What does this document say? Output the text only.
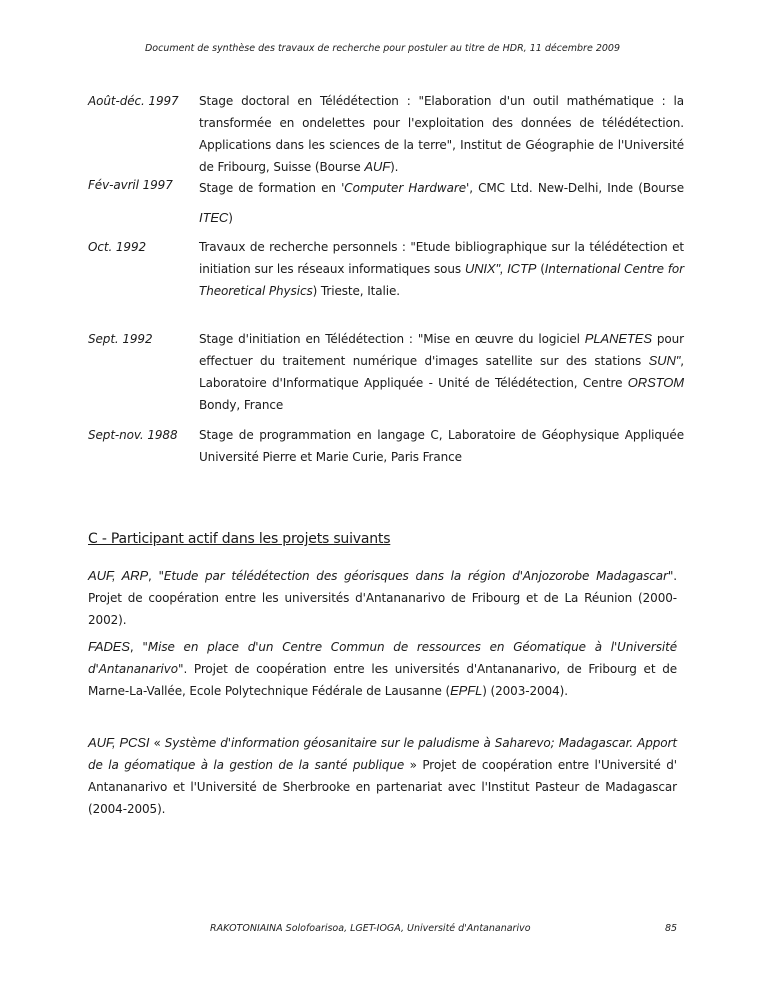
Document de synthèse des travaux de recherche pour postuler au titre de HDR, 11 décembre 2009
Août-déc. 1997	Stage doctoral en Télédétection : "Elaboration d'un outil mathématique : la transformée en ondelettes pour l'exploitation des données de télédétection. Applications dans les sciences de la terre", Institut de Géographie de l'Université de Fribourg, Suisse (Bourse AUF).
Fév-avril 1997	Stage de formation en 'Computer Hardware', CMC Ltd. New-Delhi, Inde (Bourse ITEC)
Oct. 1992	Travaux de recherche personnels : "Etude bibliographique sur la télédétection et initiation sur les réseaux informatiques sous UNIX", ICTP (International Centre for Theoretical Physics) Trieste, Italie.
Sept. 1992	Stage d'initiation en Télédétection : "Mise en œuvre du logiciel PLANETES pour effectuer du traitement numérique d'images satellite sur des stations SUN", Laboratoire d'Informatique Appliquée - Unité de Télédétection, Centre ORSTOM Bondy, France
Sept-nov. 1988	Stage de programmation en langage C, Laboratoire de Géophysique Appliquée Université Pierre et Marie Curie, Paris France
C - Participant actif dans les projets suivants
AUF, ARP, "Etude par télédétection des géorisques dans la région d'Anjozorobe Madagascar". Projet de coopération entre les universités d'Antananarivo de Fribourg et de La Réunion (2000-2002).
FADES, "Mise en place d'un Centre Commun de ressources en Géomatique à l'Université d'Antananarivo". Projet de coopération entre les universités d'Antananarivo, de Fribourg et de Marne-La-Vallée, Ecole Polytechnique Fédérale de Lausanne (EPFL) (2003-2004).
AUF, PCSI « Système d'information géosanitaire sur le paludisme à Saharevo; Madagascar. Apport de la géomatique à la gestion de la santé publique » Projet de coopération entre l'Université d' Antananarivo et l'Université de Sherbrooke en partenariat avec l'Institut Pasteur de Madagascar (2004-2005).
RAKOTONIAINA Solofoarisoa, LGET-IOGA, Université d'Antananarivo	85
